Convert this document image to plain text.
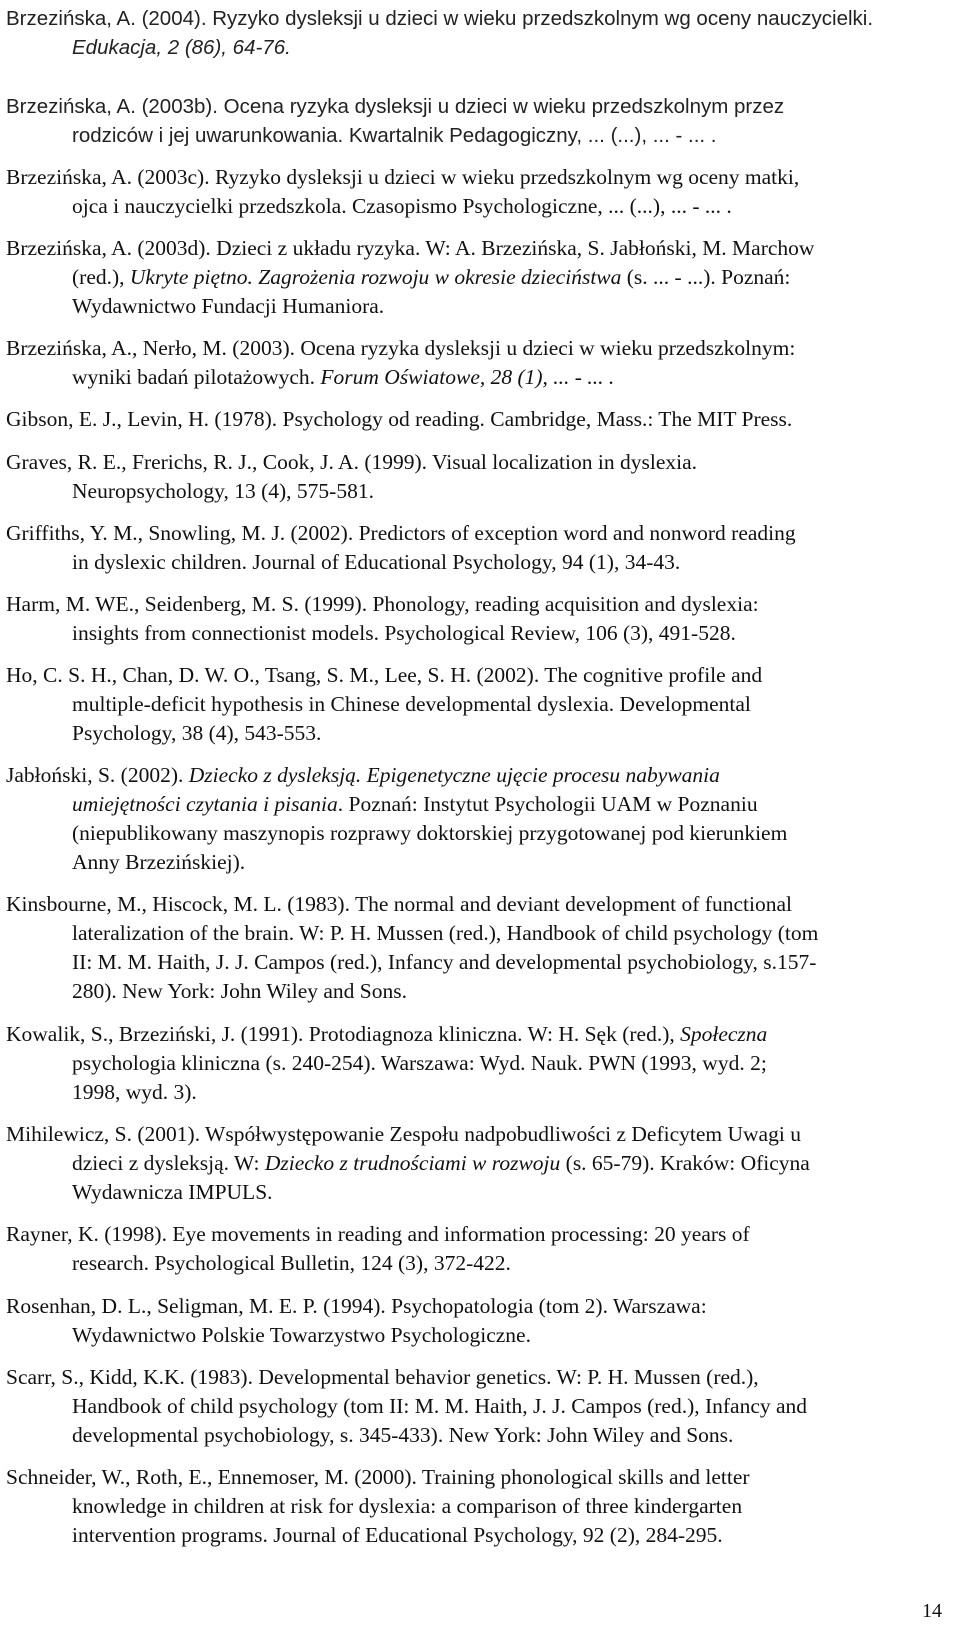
Brzezińska, A. (2004). Ryzyko dysleksji u dzieci w wieku przedszkolnym wg oceny nauczycielki.
Edukacja, 2 (86), 64-76.

Brzezińska, A. (2003b). Ocena ryzyka dysleksji u dzieci w wieku przedszkolnym przez
rodziców i jej uwarunkowania. Kwartalnik Pedagogiczny, ... (...), ... - ... .

Brzezińska, A. (2003c). Ryzyko dysleksji u dzieci w wieku przedszkolnym wg oceny matki,
ojca i nauczycielki przedszkola. Czasopismo Psychologiczne, ... (...), ... - ... .

Brzezińska, A. (2003d). Dzieci z układu ryzyka. W: A. Brzezińska, S. Jabłoński, M. Marchow
(red.), Ukryte piętno. Zagrożenia rozwoju w okresie dzieciństwa (s. ... - ...). Poznań:
Wydawnictwo Fundacji Humaniora.

Brzezińska, A., Nerło, M. (2003). Ocena ryzyka dysleksji u dzieci w wieku przedszkolnym:
wyniki badań pilotażowych. Forum Oświatowe, 28 (1), ... - ... .

Gibson, E. J., Levin, H. (1978). Psychology od reading. Cambridge, Mass.: The MIT Press.

Graves, R. E., Frerichs, R. J., Cook, J. A. (1999). Visual localization in dyslexia.
Neuropsychology, 13 (4), 575-581.

Griffiths, Y. M., Snowling, M. J. (2002). Predictors of exception word and nonword reading
in dyslexic children. Journal of Educational Psychology, 94 (1), 34-43.

Harm, M. WE., Seidenberg, M. S. (1999). Phonology, reading acquisition and dyslexia:
insights from connectionist models. Psychological Review, 106 (3), 491-528.

Ho, C. S. H., Chan, D. W. O., Tsang, S. M., Lee, S. H. (2002). The cognitive profile and
multiple-deficit hypothesis in Chinese developmental dyslexia. Developmental
Psychology, 38 (4), 543-553.

Jabłoński, S. (2002). Dziecko z dysleksją. Epigenetyczne ujęcie procesu nabywania
umiejętności czytania i pisania. Poznań: Instytut Psychologii UAM w Poznaniu
(niepublikowany maszynopis rozprawy doktorskiej przygotowanej pod kierunkiem
Anny Brzezińskiej).

Kinsbourne, M., Hiscock, M. L. (1983). The normal and deviant development of functional
lateralization of the brain. W: P. H. Mussen (red.), Handbook of child psychology (tom
II: M. M. Haith, J. J. Campos (red.), Infancy and developmental psychobiology, s.157-
280). New York: John Wiley and Sons.

Kowalik, S., Brzeziński, J. (1991). Protodiagnoza kliniczna. W: H. Sęk (red.), Społeczna
psychologia kliniczna (s. 240-254). Warszawa: Wyd. Nauk. PWN (1993, wyd. 2;
1998, wyd. 3).

Mihilewicz, S. (2001). Współwystępowanie Zespołu nadpobudliwości z Deficytem Uwagi u
dzieci z dysleksją. W: Dziecko z trudnościami w rozwoju (s. 65-79). Kraków: Oficyna
Wydawnicza IMPULS.

Rayner, K. (1998). Eye movements in reading and information processing: 20 years of
research. Psychological Bulletin, 124 (3), 372-422.

Rosenhan, D. L., Seligman, M. E. P. (1994). Psychopatologia (tom 2). Warszawa:
Wydawnictwo Polskie Towarzystwo Psychologiczne.

Scarr, S., Kidd, K.K. (1983). Developmental behavior genetics. W: P. H. Mussen (red.),
Handbook of child psychology (tom II: M. M. Haith, J. J. Campos (red.), Infancy and
developmental psychobiology, s. 345-433). New York: John Wiley and Sons.

Schneider, W., Roth, E., Ennemoser, M. (2000). Training phonological skills and letter
knowledge in children at risk for dyslexia: a comparison of three kindergarten
intervention programs. Journal of Educational Psychology, 92 (2), 284-295.

14
